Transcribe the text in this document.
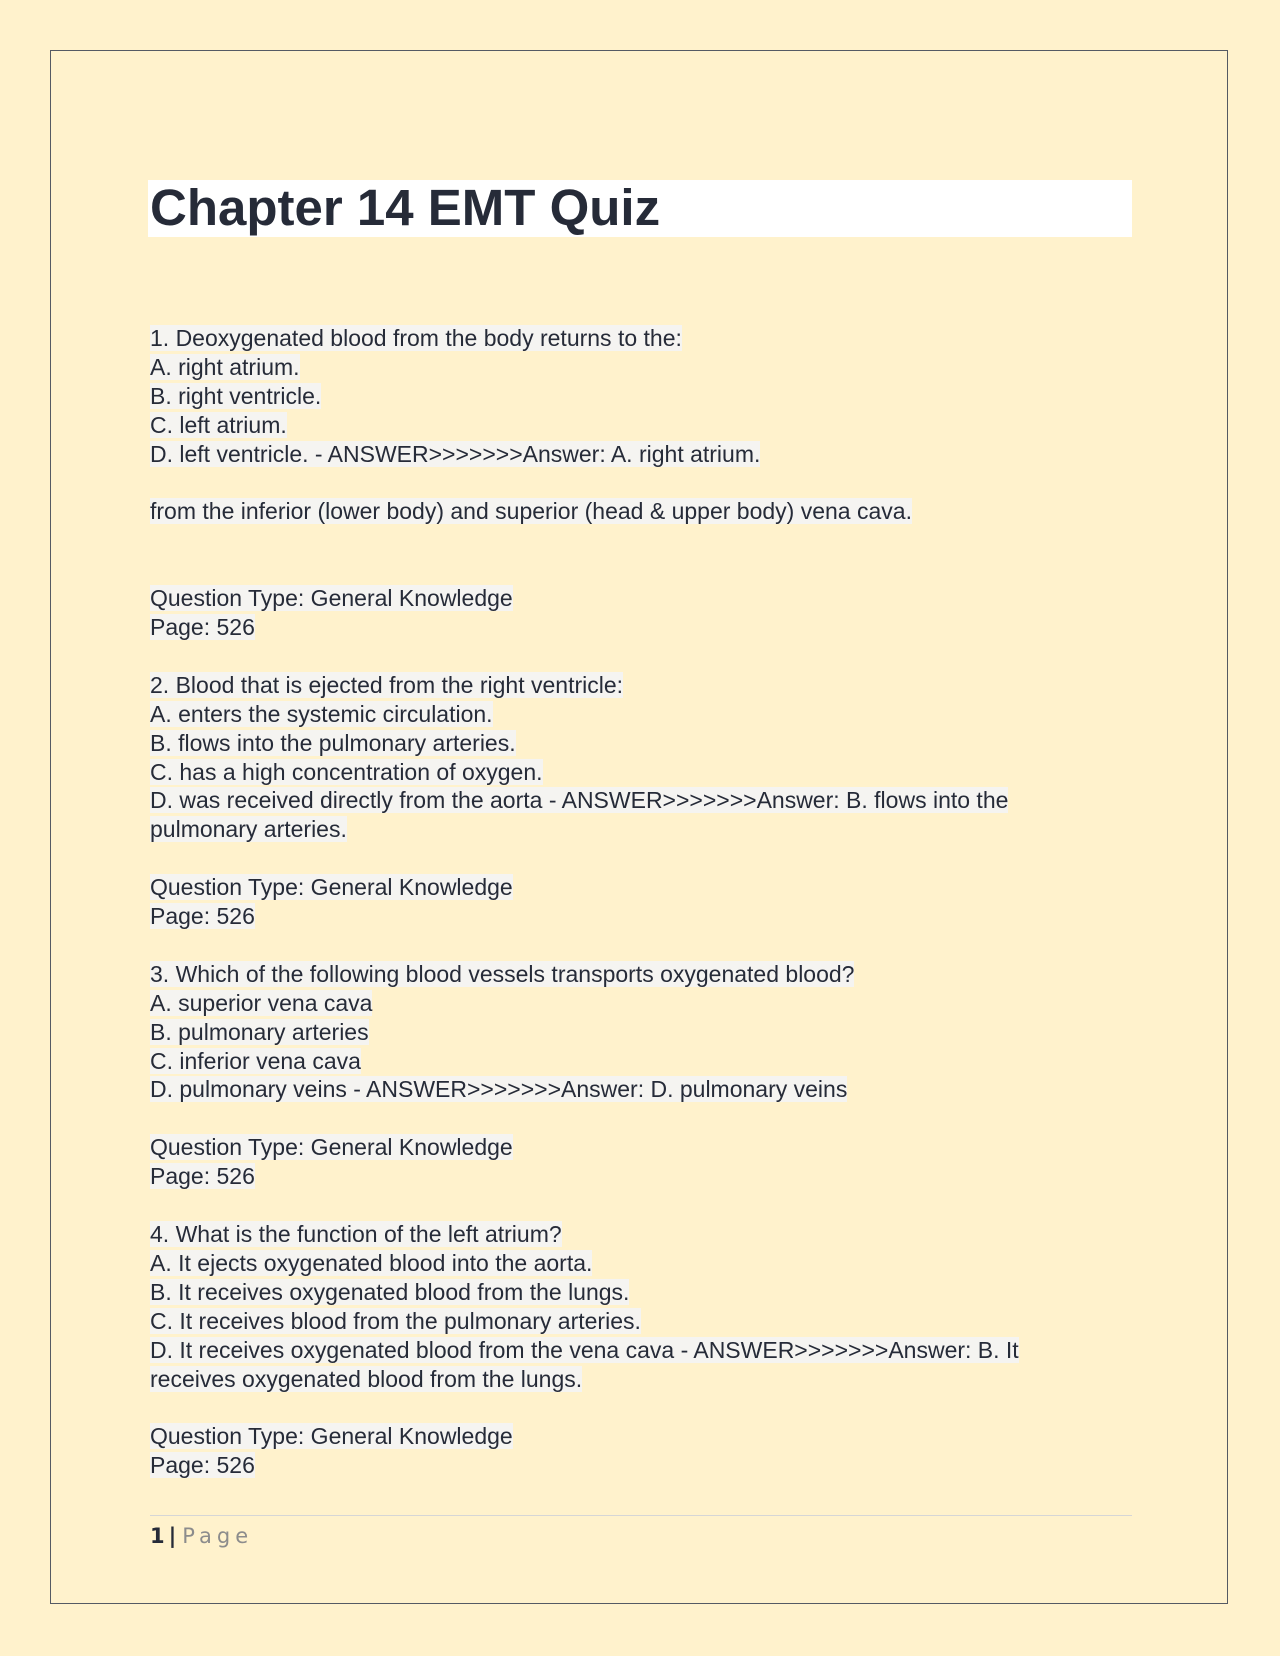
Chapter 14 EMT Quiz
1. Deoxygenated blood from the body returns to the:
A. right atrium.
B. right ventricle.
C. left atrium.
D. left ventricle. - ANSWER>>>>>>>Answer: A. right atrium.
from the inferior (lower body) and superior (head & upper body) vena cava.
Question Type: General Knowledge
Page: 526
2. Blood that is ejected from the right ventricle:
A. enters the systemic circulation.
B. flows into the pulmonary arteries.
C. has a high concentration of oxygen.
D. was received directly from the aorta - ANSWER>>>>>>>Answer: B. flows into the
pulmonary arteries.
Question Type: General Knowledge
Page: 526
3. Which of the following blood vessels transports oxygenated blood?
A. superior vena cava
B. pulmonary arteries
C. inferior vena cava
D. pulmonary veins - ANSWER>>>>>>>Answer: D. pulmonary veins
Question Type: General Knowledge
Page: 526
4. What is the function of the left atrium?
A. It ejects oxygenated blood into the aorta.
B. It receives oxygenated blood from the lungs.
C. It receives blood from the pulmonary arteries.
D. It receives oxygenated blood from the vena cava - ANSWER>>>>>>>Answer: B. It
receives oxygenated blood from the lungs.
Question Type: General Knowledge
Page: 526
1 | Page
